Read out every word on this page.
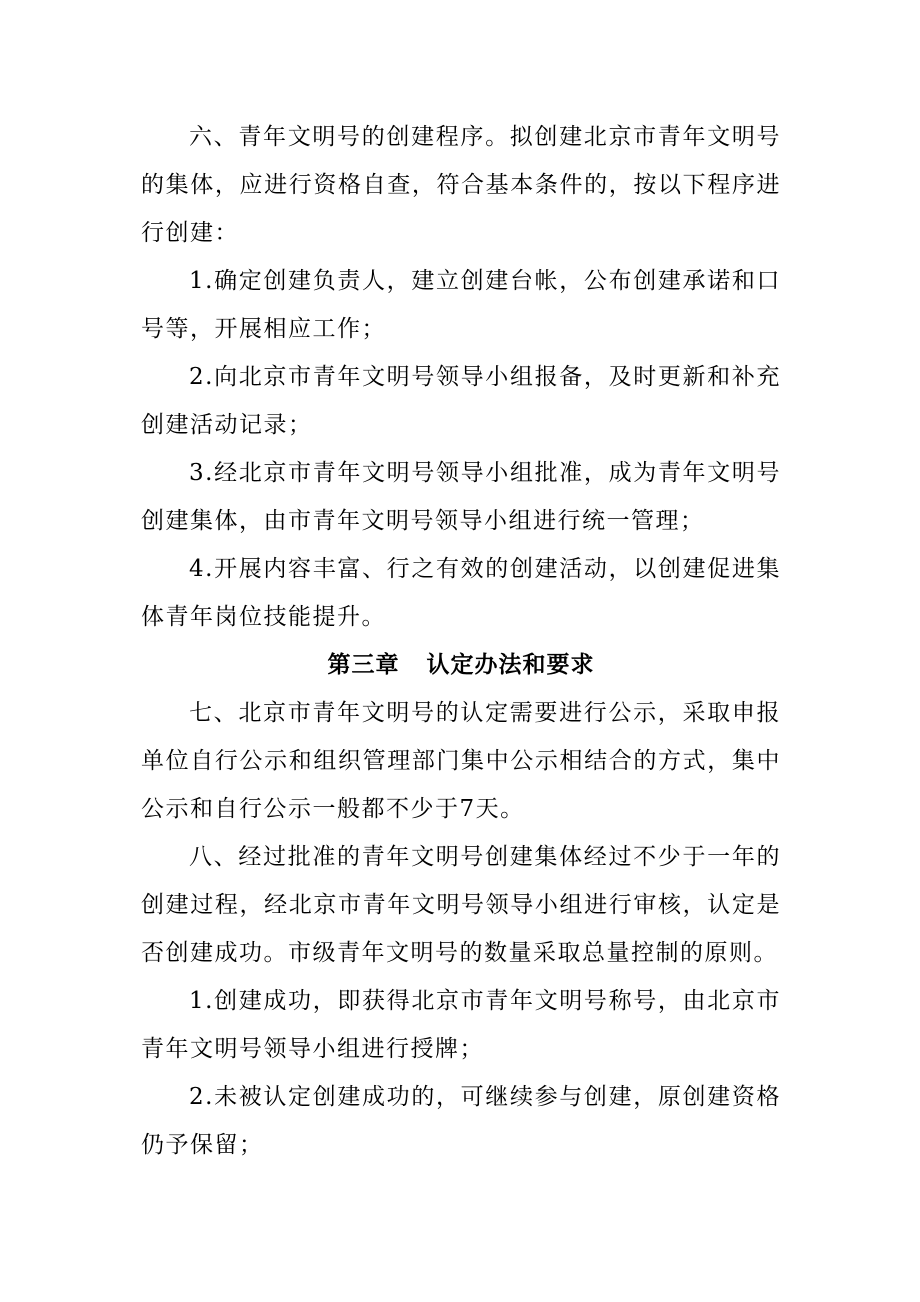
六、青年文明号的创建程序。拟创建北京市青年文明号的集体，应进行资格自查，符合基本条件的，按以下程序进行创建：

1.确定创建负责人，建立创建台帐，公布创建承诺和口号等，开展相应工作；

2.向北京市青年文明号领导小组报备，及时更新和补充创建活动记录；

3.经北京市青年文明号领导小组批准，成为青年文明号创建集体，由市青年文明号领导小组进行统一管理；

4.开展内容丰富、行之有效的创建活动，以创建促进集体青年岗位技能提升。

第三章   认定办法和要求

七、北京市青年文明号的认定需要进行公示，采取申报单位自行公示和组织管理部门集中公示相结合的方式，集中公示和自行公示一般都不少于7天。

八、经过批准的青年文明号创建集体经过不少于一年的创建过程，经北京市青年文明号领导小组进行审核，认定是否创建成功。市级青年文明号的数量采取总量控制的原则。

1.创建成功，即获得北京市青年文明号称号，由北京市青年文明号领导小组进行授牌；

2.未被认定创建成功的，可继续参与创建，原创建资格仍予保留；
